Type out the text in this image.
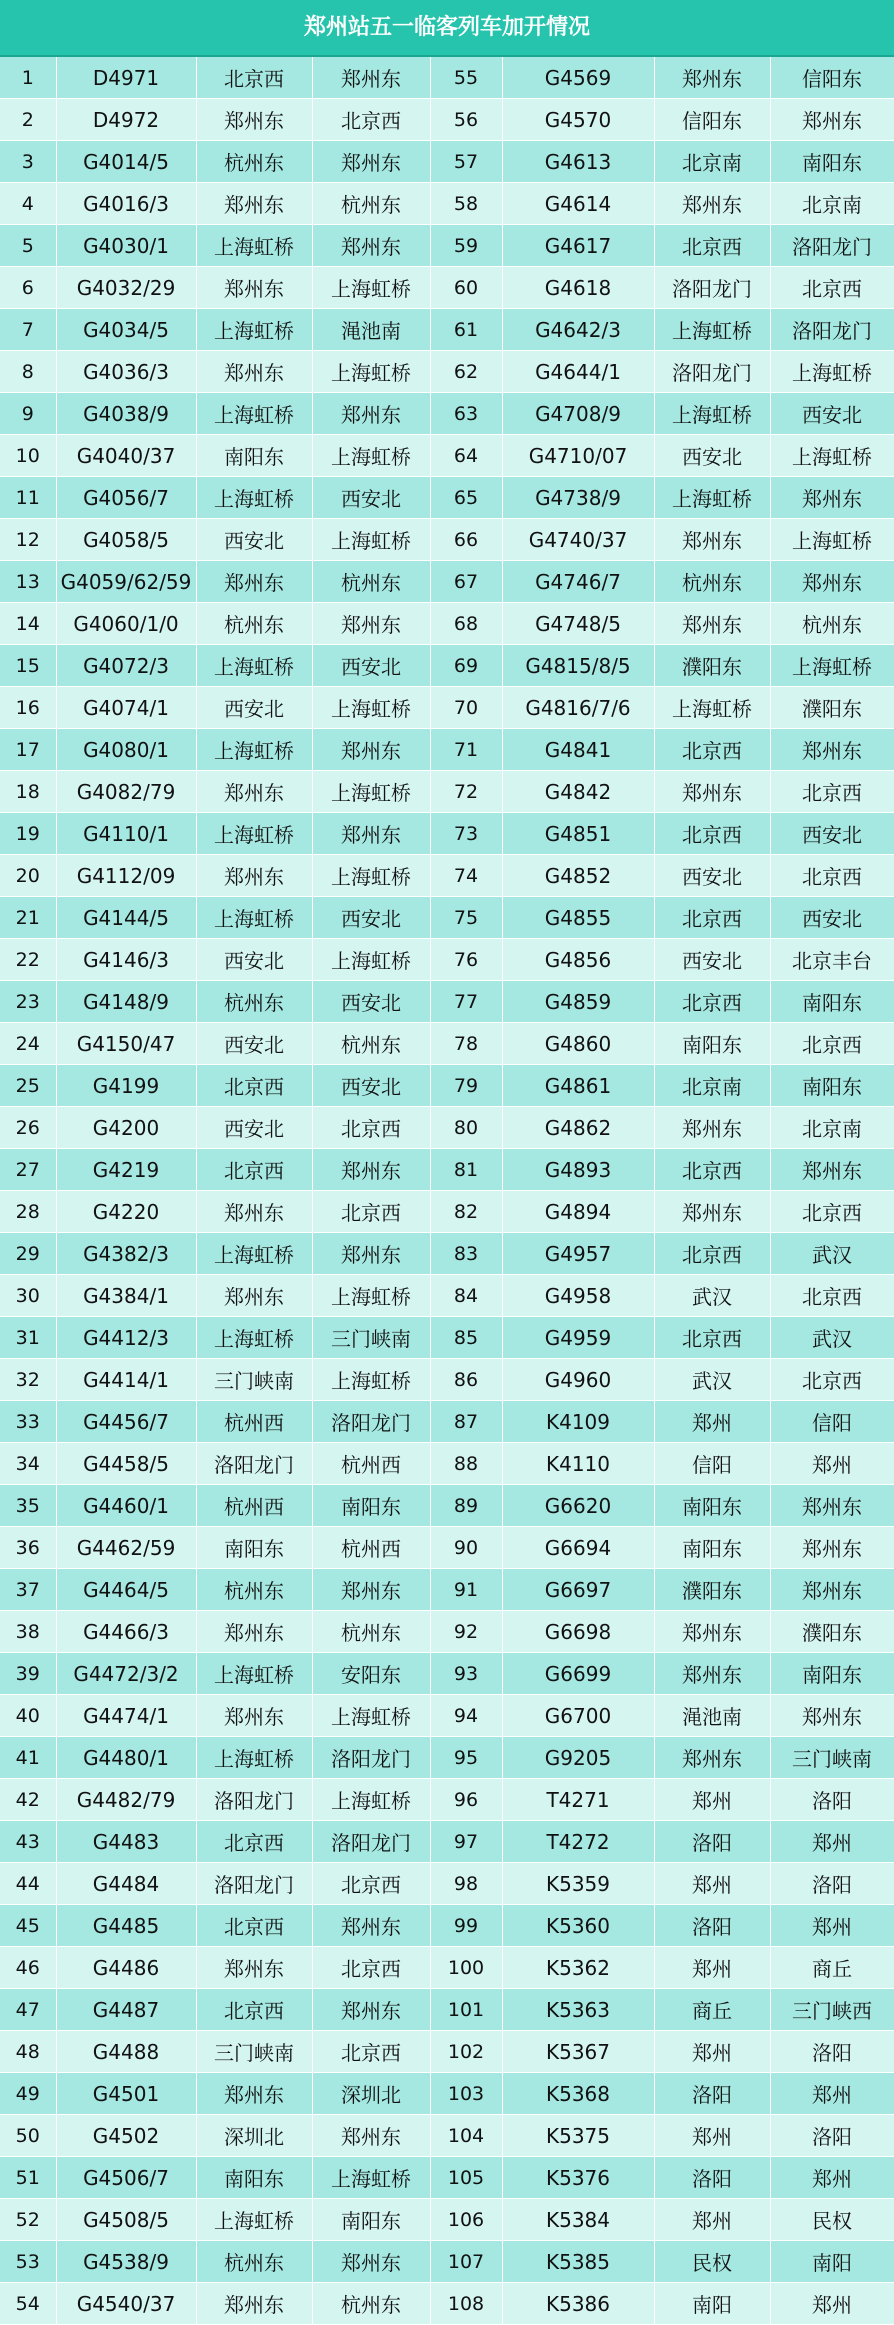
郑州站五一临客列车加开情况
1	D4971	北京西	郑州东	55	G4569	郑州东	信阳东
2	D4972	郑州东	北京西	56	G4570	信阳东	郑州东
3	G4014/5	杭州东	郑州东	57	G4613	北京南	南阳东
4	G4016/3	郑州东	杭州东	58	G4614	郑州东	北京南
5	G4030/1	上海虹桥	郑州东	59	G4617	北京西	洛阳龙门
6	G4032/29	郑州东	上海虹桥	60	G4618	洛阳龙门	北京西
7	G4034/5	上海虹桥	渑池南	61	G4642/3	上海虹桥	洛阳龙门
8	G4036/3	郑州东	上海虹桥	62	G4644/1	洛阳龙门	上海虹桥
9	G4038/9	上海虹桥	郑州东	63	G4708/9	上海虹桥	西安北
10	G4040/37	南阳东	上海虹桥	64	G4710/07	西安北	上海虹桥
11	G4056/7	上海虹桥	西安北	65	G4738/9	上海虹桥	郑州东
12	G4058/5	西安北	上海虹桥	66	G4740/37	郑州东	上海虹桥
13	G4059/62/59	郑州东	杭州东	67	G4746/7	杭州东	郑州东
14	G4060/1/0	杭州东	郑州东	68	G4748/5	郑州东	杭州东
15	G4072/3	上海虹桥	西安北	69	G4815/8/5	濮阳东	上海虹桥
16	G4074/1	西安北	上海虹桥	70	G4816/7/6	上海虹桥	濮阳东
17	G4080/1	上海虹桥	郑州东	71	G4841	北京西	郑州东
18	G4082/79	郑州东	上海虹桥	72	G4842	郑州东	北京西
19	G4110/1	上海虹桥	郑州东	73	G4851	北京西	西安北
20	G4112/09	郑州东	上海虹桥	74	G4852	西安北	北京西
21	G4144/5	上海虹桥	西安北	75	G4855	北京西	西安北
22	G4146/3	西安北	上海虹桥	76	G4856	西安北	北京丰台
23	G4148/9	杭州东	西安北	77	G4859	北京西	南阳东
24	G4150/47	西安北	杭州东	78	G4860	南阳东	北京西
25	G4199	北京西	西安北	79	G4861	北京南	南阳东
26	G4200	西安北	北京西	80	G4862	郑州东	北京南
27	G4219	北京西	郑州东	81	G4893	北京西	郑州东
28	G4220	郑州东	北京西	82	G4894	郑州东	北京西
29	G4382/3	上海虹桥	郑州东	83	G4957	北京西	武汉
30	G4384/1	郑州东	上海虹桥	84	G4958	武汉	北京西
31	G4412/3	上海虹桥	三门峡南	85	G4959	北京西	武汉
32	G4414/1	三门峡南	上海虹桥	86	G4960	武汉	北京西
33	G4456/7	杭州西	洛阳龙门	87	K4109	郑州	信阳
34	G4458/5	洛阳龙门	杭州西	88	K4110	信阳	郑州
35	G4460/1	杭州西	南阳东	89	G6620	南阳东	郑州东
36	G4462/59	南阳东	杭州西	90	G6694	南阳东	郑州东
37	G4464/5	杭州东	郑州东	91	G6697	濮阳东	郑州东
38	G4466/3	郑州东	杭州东	92	G6698	郑州东	濮阳东
39	G4472/3/2	上海虹桥	安阳东	93	G6699	郑州东	南阳东
40	G4474/1	郑州东	上海虹桥	94	G6700	渑池南	郑州东
41	G4480/1	上海虹桥	洛阳龙门	95	G9205	郑州东	三门峡南
42	G4482/79	洛阳龙门	上海虹桥	96	T4271	郑州	洛阳
43	G4483	北京西	洛阳龙门	97	T4272	洛阳	郑州
44	G4484	洛阳龙门	北京西	98	K5359	郑州	洛阳
45	G4485	北京西	郑州东	99	K5360	洛阳	郑州
46	G4486	郑州东	北京西	100	K5362	郑州	商丘
47	G4487	北京西	郑州东	101	K5363	商丘	三门峡西
48	G4488	三门峡南	北京西	102	K5367	郑州	洛阳
49	G4501	郑州东	深圳北	103	K5368	洛阳	郑州
50	G4502	深圳北	郑州东	104	K5375	郑州	洛阳
51	G4506/7	南阳东	上海虹桥	105	K5376	洛阳	郑州
52	G4508/5	上海虹桥	南阳东	106	K5384	郑州	民权
53	G4538/9	杭州东	郑州东	107	K5385	民权	南阳
54	G4540/37	郑州东	杭州东	108	K5386	南阳	郑州
